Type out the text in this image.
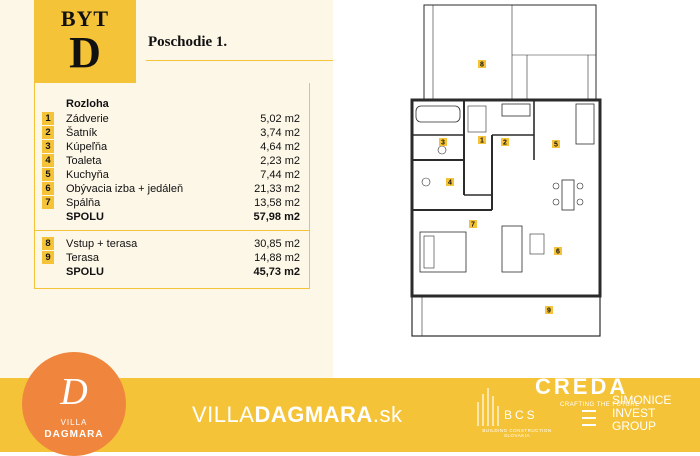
BYT
D	Poschodie 1.
Rozloha
1	Zádverie	5,02 m2
2	Šatník	3,74 m2
3	Kúpeľňa	4,64 m2
4	Toaleta	2,23 m2
5	Kuchyňa	7,44 m2
6	Obývacia izba + jedáleň	21,33 m2
7	Spálňa	13,58 m2
SPOLU	57,98 m2
8	Vstup + terasa	30,85 m2
9	Terasa	14,88 m2
SPOLU	45,73 m2
1	2
3
4
5
6
7
8
9
D
VILLA
DAGMARA
VILLADAGMARA.sk	BCS
BUILDING CONSTRUCTION SLOVAKIA
CREDA
CRAFTING THE FUTURE
SIMONICE
INVEST
GROUP
